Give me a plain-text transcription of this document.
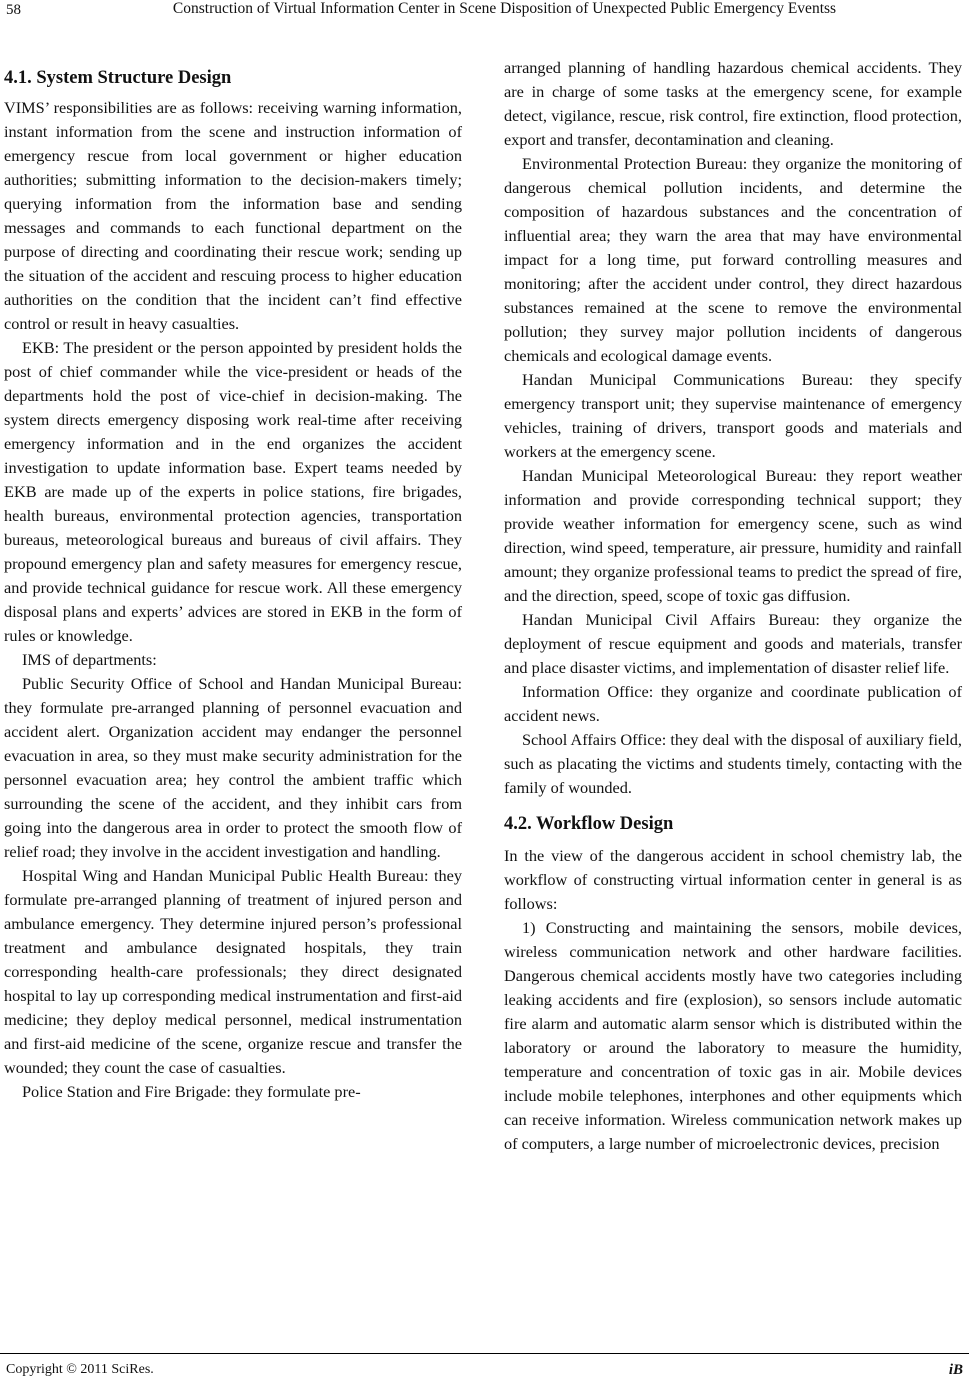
58	Construction of Virtual Information Center in Scene Disposition of Unexpected Public Emergency Eventss
4.1. System Structure Design

VIMS’ responsibilities are as follows: receiving warning information, instant information from the scene and instruction information of emergency rescue from local government or higher education authorities; submitting information to the decision-makers timely; querying information from the information base and sending messages and commands to each functional department on the purpose of directing and coordinating their rescue work; sending up the situation of the accident and rescuing process to higher education authorities on the condition that the incident can’t find effective control or result in heavy casualties.

EKB: The president or the person appointed by president holds the post of chief commander while the vice-president or heads of the departments hold the post of vice-chief in decision-making. The system directs emergency disposing work real-time after receiving emergency information and in the end organizes the accident investigation to update information base. Expert teams needed by EKB are made up of the experts in police stations, fire brigades, health bureaus, environmental protection agencies, transportation bureaus, meteorological bureaus and bureaus of civil affairs. They propound emergency plan and safety measures for emergency rescue, and provide technical guidance for rescue work. All these emergency disposal plans and experts’ advices are stored in EKB in the form of rules or knowledge.

IMS of departments:

Public Security Office of School and Handan Municipal Bureau: they formulate pre-arranged planning of personnel evacuation and accident alert. Organization accident may endanger the personnel evacuation in area, so they must make security administration for the personnel evacuation area; hey control the ambient traffic which surrounding the scene of the accident, and they inhibit cars from going into the dangerous area in order to protect the smooth flow of relief road; they involve in the accident investigation and handling.

Hospital Wing and Handan Municipal Public Health Bureau: they formulate pre-arranged planning of treatment of injured person and ambulance emergency. They determine injured person’s professional treatment and ambulance designated hospitals, they train corresponding health-care professionals; they direct designated hospital to lay up corresponding medical instrumentation and first-aid medicine; they deploy medical personnel, medical instrumentation and first-aid medicine of the scene, organize rescue and transfer the wounded; they count the case of casualties.

Police Station and Fire Brigade: they formulate pre-

arranged planning of handling hazardous chemical accidents. They are in charge of some tasks at the emergency scene, for example detect, vigilance, rescue, risk control, fire extinction, flood protection, export and transfer, decontamination and cleaning.

Environmental Protection Bureau: they organize the monitoring of dangerous chemical pollution incidents, and determine the composition of hazardous substances and the concentration of influential area; they warn the area that may have environmental impact for a long time, put forward controlling measures and monitoring; after the accident under control, they direct hazardous substances remained at the scene to remove the environmental pollution; they survey major pollution incidents of dangerous chemicals and ecological damage events.

Handan Municipal Communications Bureau: they specify emergency transport unit; they supervise maintenance of emergency vehicles, training of drivers, transport goods and materials and workers at the emergency scene.

Handan Municipal Meteorological Bureau: they report weather information and provide corresponding technical support; they provide weather information for emergency scene, such as wind direction, wind speed, temperature, air pressure, humidity and rainfall amount; they organize professional teams to predict the spread of fire, and the direction, speed, scope of toxic gas diffusion.

Handan Municipal Civil Affairs Bureau: they organize the deployment of rescue equipment and goods and materials, transfer and place disaster victims, and implementation of disaster relief life.

Information Office: they organize and coordinate publication of accident news.

School Affairs Office: they deal with the disposal of auxiliary field, such as placating the victims and students timely, contacting with the family of wounded.

4.2. Workflow Design

In the view of the dangerous accident in school chemistry lab, the workflow of constructing virtual information center in general is as follows:

1) Constructing and maintaining the sensors, mobile devices, wireless communication network and other hardware facilities. Dangerous chemical accidents mostly have two categories including leaking accidents and fire (explosion), so sensors include automatic fire alarm and automatic alarm sensor which is distributed within the laboratory or around the laboratory to measure the humidity, temperature and concentration of toxic gas in air. Mobile devices include mobile telephones, interphones and other equipments which can receive information. Wireless communication network makes up of computers, a large number of microelectronic devices, precision

Copyright © 2011 SciRes.	iB
